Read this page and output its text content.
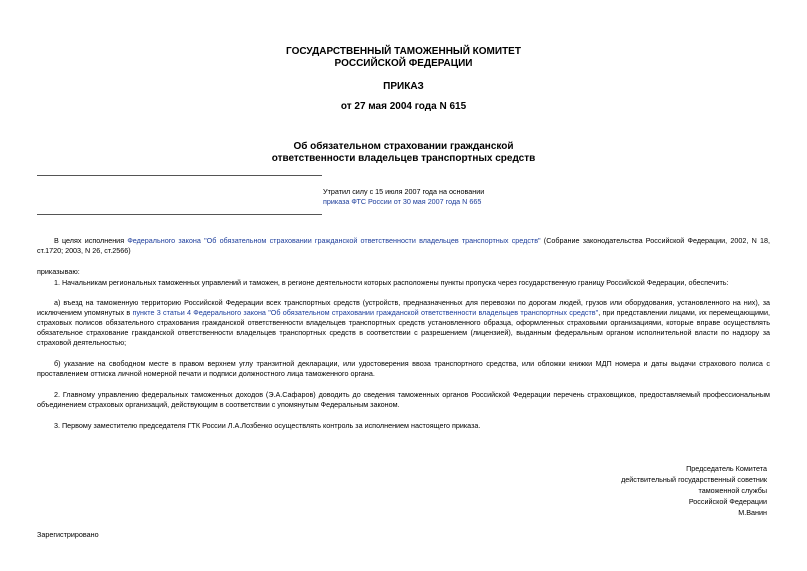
ГОСУДАРСТВЕННЫЙ ТАМОЖЕННЫЙ КОМИТЕТ
РОССИЙСКОЙ ФЕДЕРАЦИИ
ПРИКАЗ
от 27 мая 2004 года N 615
Об обязательном страховании гражданской
ответственности владельцев транспортных средств
Утратил силу с 15 июля 2007 года на основании
приказа ФТС России от 30 мая 2007 года N 665
В целях исполнения Федерального закона "Об обязательном страховании гражданской ответственности владельцев транспортных средств" (Собрание законодательства Российской Федерации, 2002, N 18, ст.1720; 2003, N 26, ст.2566)
приказываю:
1. Начальникам региональных таможенных управлений и таможен, в регионе деятельности которых расположены пункты пропуска через государственную границу Российской Федерации, обеспечить:
а) въезд на таможенную территорию Российской Федерации всех транспортных средств (устройств, предназначенных для перевозки по дорогам людей, грузов или оборудования, установленного на них), за исключением упомянутых в пункте 3 статьи 4 Федерального закона "Об обязательном страховании гражданской ответственности владельцев транспортных средств", при представлении лицами, их перемещающими, страховых полисов обязательного страхования гражданской ответственности владельцев транспортных средств установленного образца, оформленных страховыми организациями, которые вправе осуществлять обязательное страхование гражданской ответственности владельцев транспортных средств в соответствии с разрешением (лицензией), выданным федеральным органом исполнительной власти по надзору за страховой деятельностью;
б) указание на свободном месте в правом верхнем углу транзитной декларации, или удостоверения ввоза транспортного средства, или обложки книжки МДП номера и даты выдачи страхового полиса с проставлением оттиска личной номерной печати и подписи должностного лица таможенного органа.
2. Главному управлению федеральных таможенных доходов (Э.А.Сафаров) доводить до сведения таможенных органов Российской Федерации перечень страховщиков, предоставляемый профессиональным объединением страховых организаций, действующим в соответствии с упомянутым Федеральным законом.
3. Первому заместителю председателя ГТК России Л.А.Лозбенко осуществлять контроль за исполнением настоящего приказа.
Председатель Комитета
действительный государственный советник
таможенной службы
Российской Федерации
М.Ванин
Зарегистрировано
